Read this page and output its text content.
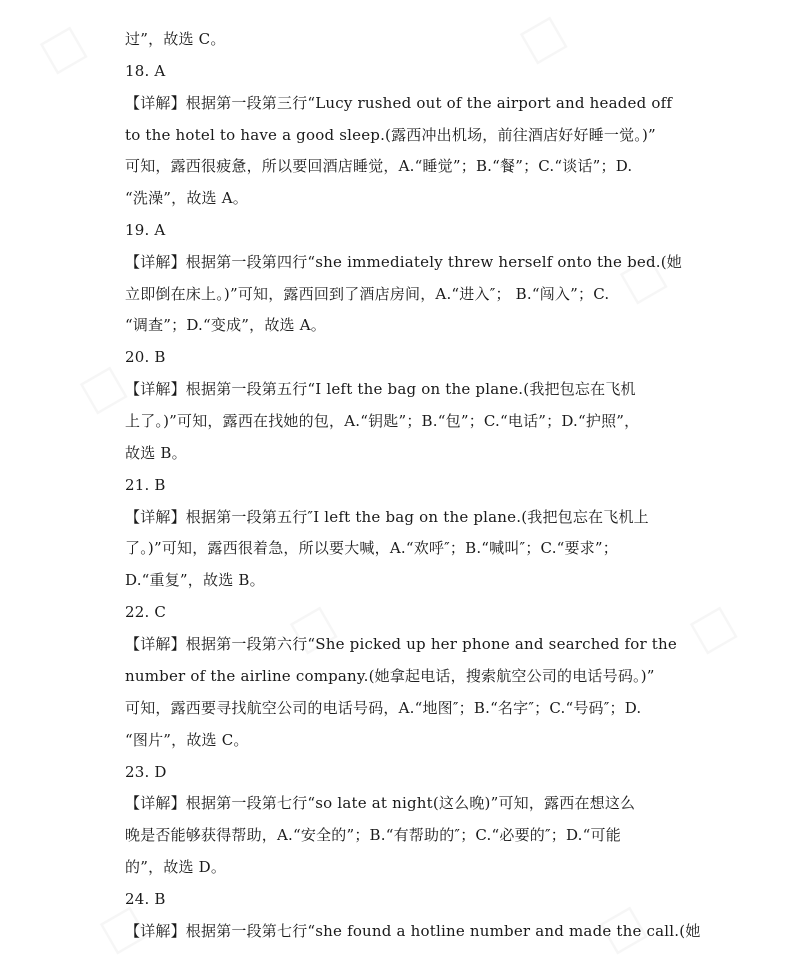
过”，故选 C。
18. A
【详解】根据第一段第三行“Lucy rushed out of the airport and headed off
to the hotel to have a good sleep.(露西冲出机场，前往酒店好好睡一觉。)”
可知，露西很疲惫，所以要回酒店睡觉，A.“睡觉”；B.“餐”；C.“谈话”；D.
“洗澡”，故选 A。
19. A
【详解】根据第一段第四行“she immediately threw herself onto the bed.(她
立即倒在床上。)”可知，露西回到了酒店房间，A.“进入″； B.“闯入”；C.
“调查”；D.“变成”，故选 A。
20. B
【详解】根据第一段第五行“I left the bag on the plane.(我把包忘在飞机
上了。)”可知，露西在找她的包，A.“钥匙”；B.“包”；C.“电话”；D.“护照”，
故选 B。
21. B
【详解】根据第一段第五行″I left the bag on the plane.(我把包忘在飞机上
了。)”可知，露西很着急，所以要大喊，A.“欢呼″；B.“喊叫″；C.“要求”；
D.“重复”，故选 B。
22. C
【详解】根据第一段第六行“She picked up her phone and searched for the
number of the airline company.(她拿起电话，搜索航空公司的电话号码。)”
可知，露西要寻找航空公司的电话号码，A.“地图″；B.“名字″；C.“号码″；D.
“图片”，故选 C。
23. D
【详解】根据第一段第七行“so late at night(这么晚)”可知，露西在想这么
晚是否能够获得帮助，A.“安全的”；B.“有帮助的″；C.“必要的″；D.“可能
的”，故选 D。
24. B
【详解】根据第一段第七行“she found a hotline number and made the call.(她
